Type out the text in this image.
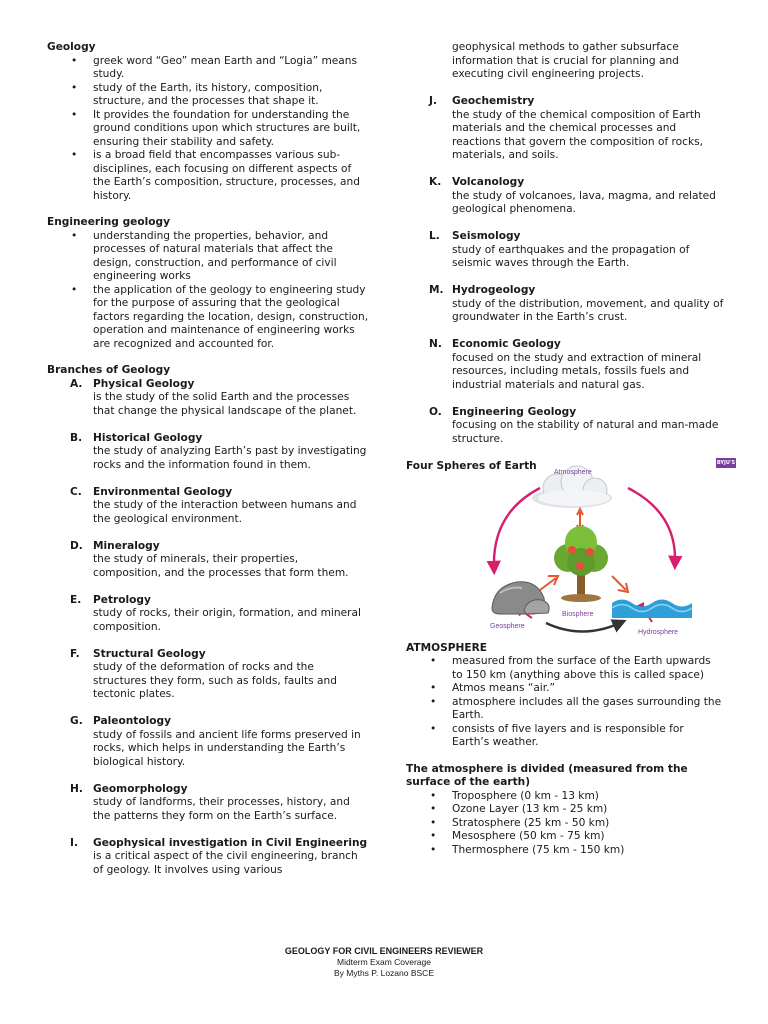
Geology
• greek word “Geo” mean Earth and “Logia” means study.
• study of the Earth, its history, composition, structure, and the processes that shape it.
• It provides the foundation for understanding the ground conditions upon which structures are built, ensuring their stability and safety.
• is a broad field that encompasses various sub-disciplines, each focusing on different aspects of the Earth’s composition, structure, processes, and history.
Engineering geology
• understanding the properties, behavior, and processes of natural materials that affect the design, construction, and performance of civil engineering works
• the application of the geology to engineering study for the purpose of assuring that the geological factors regarding the location, design, construction, operation and maintenance of engineering works are recognized and accounted for.
Branches of Geology
A. Physical Geology
is the study of the solid Earth and the processes that change the physical landscape of the planet.
B. Historical Geology
the study of analyzing Earth’s past by investigating rocks and the information found in them.
C. Environmental Geology
the study of the interaction between humans and the geological environment.
D. Mineralogy
the study of minerals, their properties, composition, and the processes that form them.
E. Petrology
study of rocks, their origin, formation, and mineral composition.
F. Structural Geology
study of the deformation of rocks and the structures they form, such as folds, faults and tectonic plates.
G. Paleontology
study of fossils and ancient life forms preserved in rocks, which helps in understanding the Earth’s biological history.
H. Geomorphology
study of landforms, their processes, history, and the patterns they form on the Earth’s surface.
I. Geophysical investigation in Civil Engineering
is a critical aspect of the civil engineering, branch of geology. It involves using various
geophysical methods to gather subsurface information that is crucial for planning and executing civil engineering projects.
J. Geochemistry
the study of the chemical composition of Earth materials and the chemical processes and reactions that govern the composition of rocks, materials, and soils.
K. Volcanology
the study of volcanoes, lava, magma, and related geological phenomena.
L. Seismology
study of earthquakes and the propagation of seismic waves through the Earth.
M. Hydrogeology
study of the distribution, movement, and quality of groundwater in the Earth’s crust.
N. Economic Geology
focused on the study and extraction of mineral resources, including metals, fossils fuels and industrial materials and natural gas.
O. Engineering Geology
focusing on the stability of natural and man-made structure.
Four Spheres of Earth	BYJU'S
Atmosphere
Biosphere
Geosphere
Hydrosphere
ATMOSPHERE
• measured from the surface of the Earth upwards to 150 km (anything above this is called space)
• Atmos means “air.”
• atmosphere includes all the gases surrounding the Earth.
• consists of five layers and is responsible for Earth’s weather.
The atmosphere is divided (measured from the surface of the earth)
• Troposphere (0 km - 13 km)
• Ozone Layer (13 km - 25 km)
• Stratosphere (25 km - 50 km)
• Mesosphere (50 km - 75 km)
• Thermosphere (75 km - 150 km)
GEOLOGY FOR CIVIL ENGINEERS REVIEWER
Midterm Exam Coverage
By Myths P. Lozano BSCE
